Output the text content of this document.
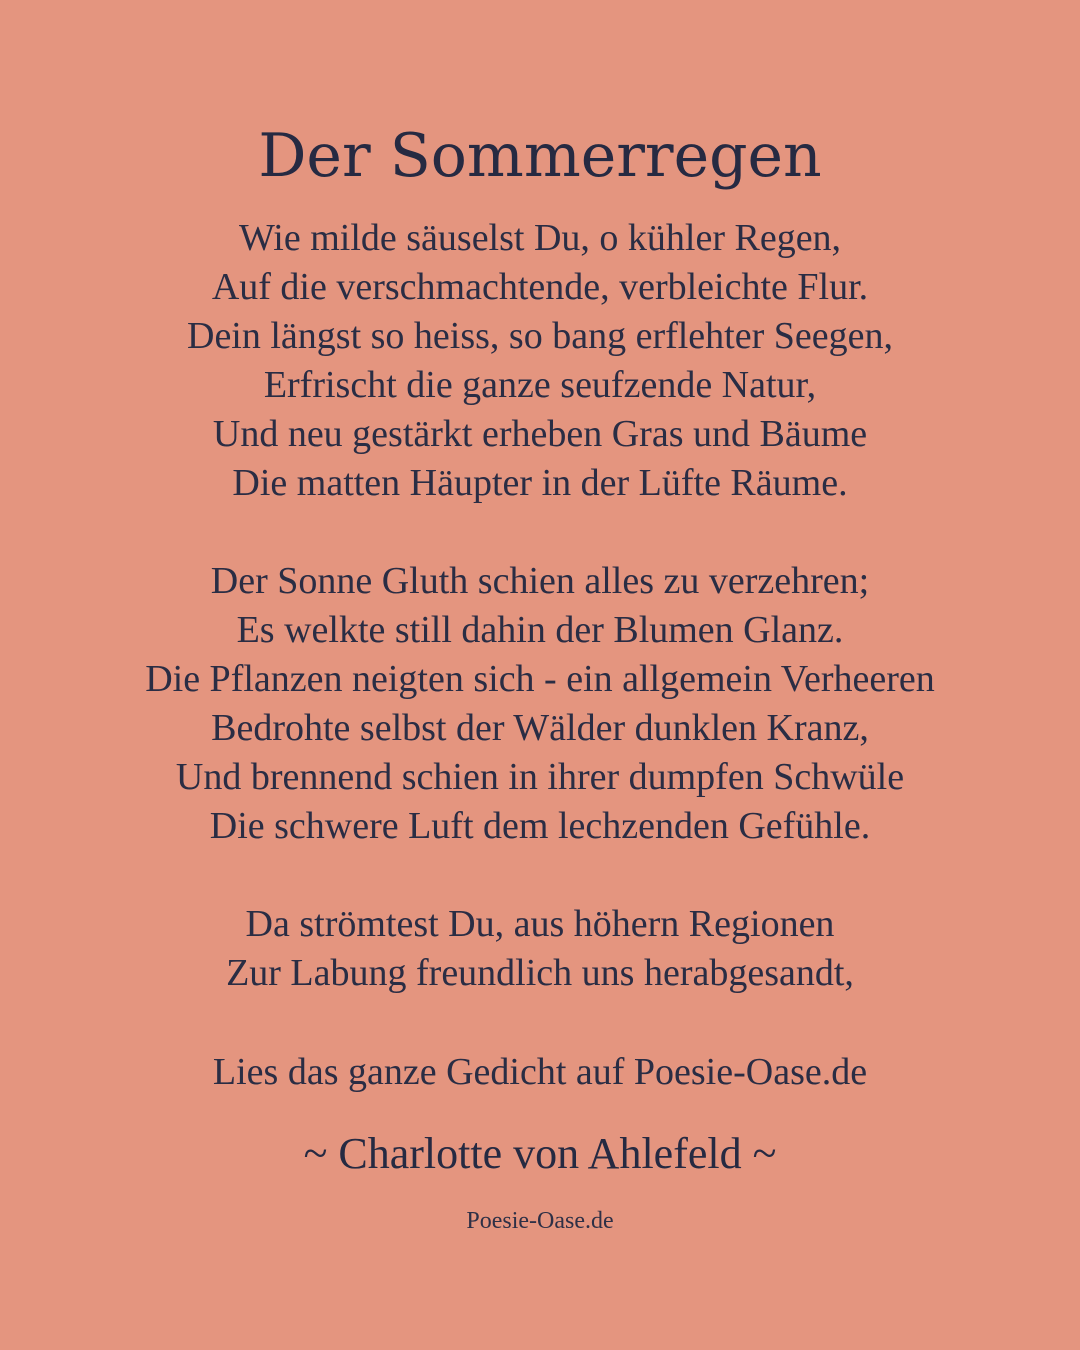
Der Sommerregen
Wie milde säuselst Du, o kühler Regen,
Auf die verschmachtende, verbleichte Flur.
Dein längst so heiss, so bang erflehter Seegen,
Erfrischt die ganze seufzende Natur,
Und neu gestärkt erheben Gras und Bäume
Die matten Häupter in der Lüfte Räume.
Der Sonne Gluth schien alles zu verzehren;
Es welkte still dahin der Blumen Glanz.
Die Pflanzen neigten sich - ein allgemein Verheeren
Bedrohte selbst der Wälder dunklen Kranz,
Und brennend schien in ihrer dumpfen Schwüle
Die schwere Luft dem lechzenden Gefühle.
Da strömtest Du, aus höhern Regionen
Zur Labung freundlich uns herabgesandt,
Lies das ganze Gedicht auf Poesie-Oase.de
~ Charlotte von Ahlefeld ~
Poesie-Oase.de
